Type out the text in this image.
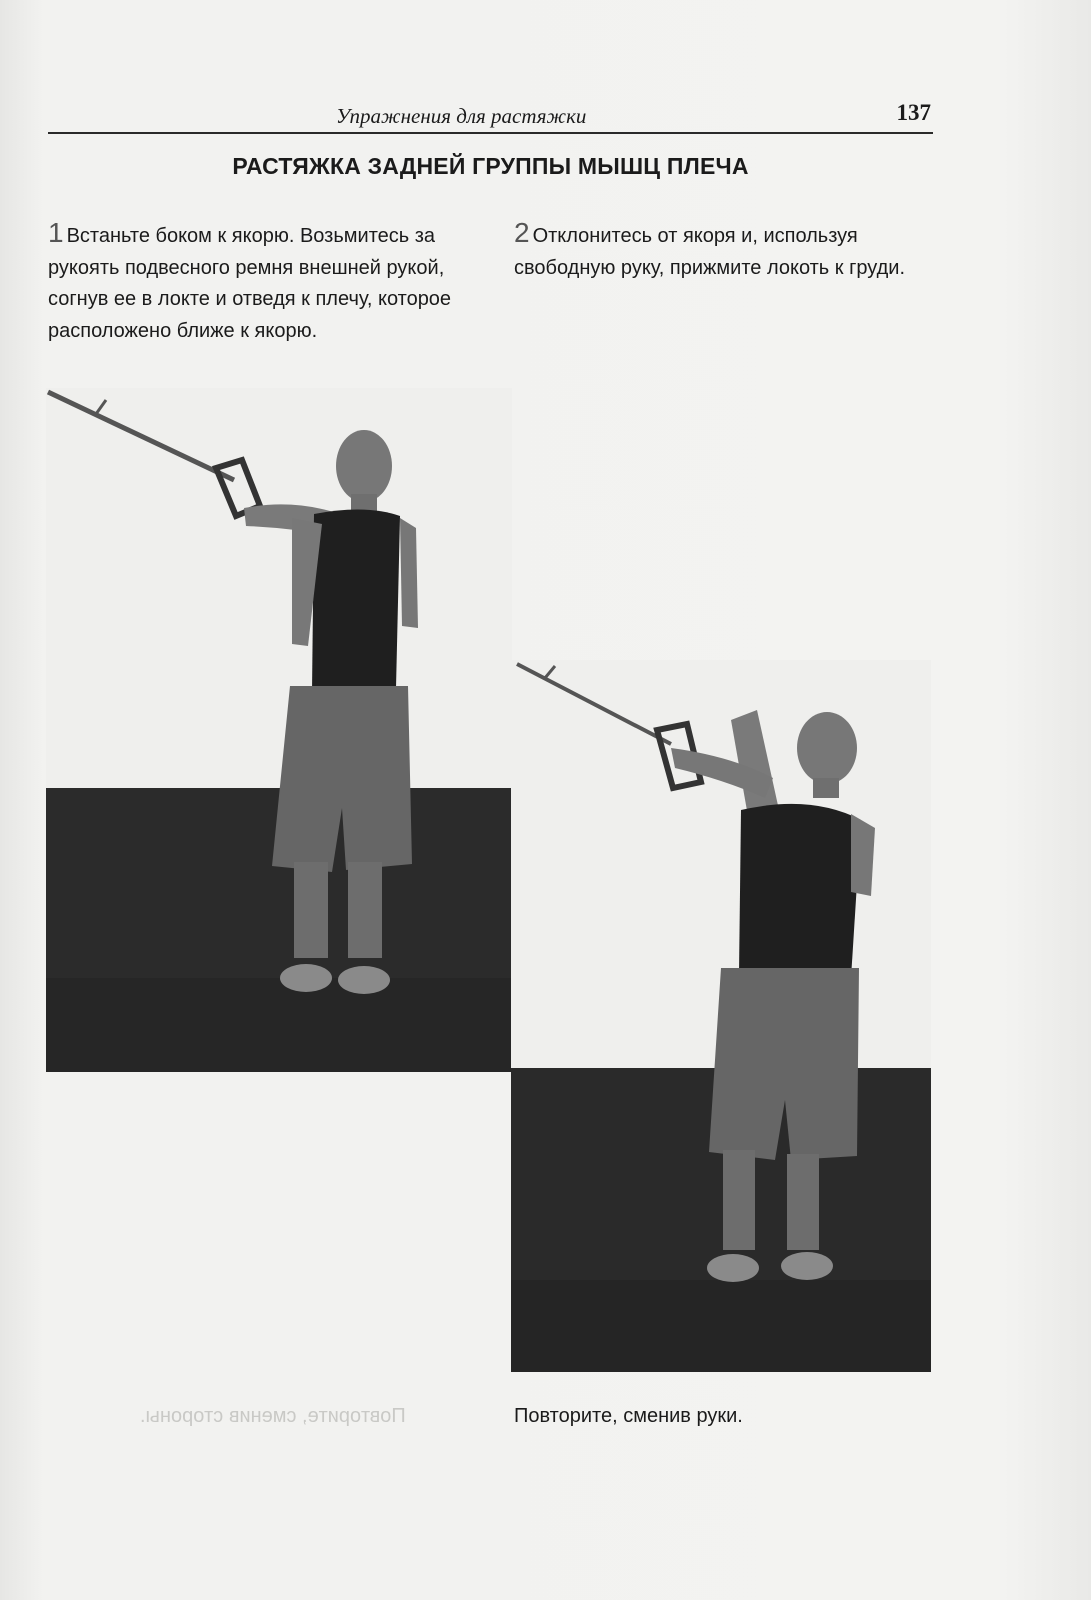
Упражнения для растяжки	137
РАСТЯЖКА ЗАДНЕЙ ГРУППЫ МЫШЦ ПЛЕЧА
1 Встаньте боком к якорю. Возьмитесь за рукоять подвесного ремня внешней рукой, согнув ее в локте и отведя к плечу, которое расположено ближе к якорю.
2 Отклонитесь от якоря и, используя свободную руку, прижмите локоть к груди.
Повторите, сменив стороны.	Повторите, сменив руки.
